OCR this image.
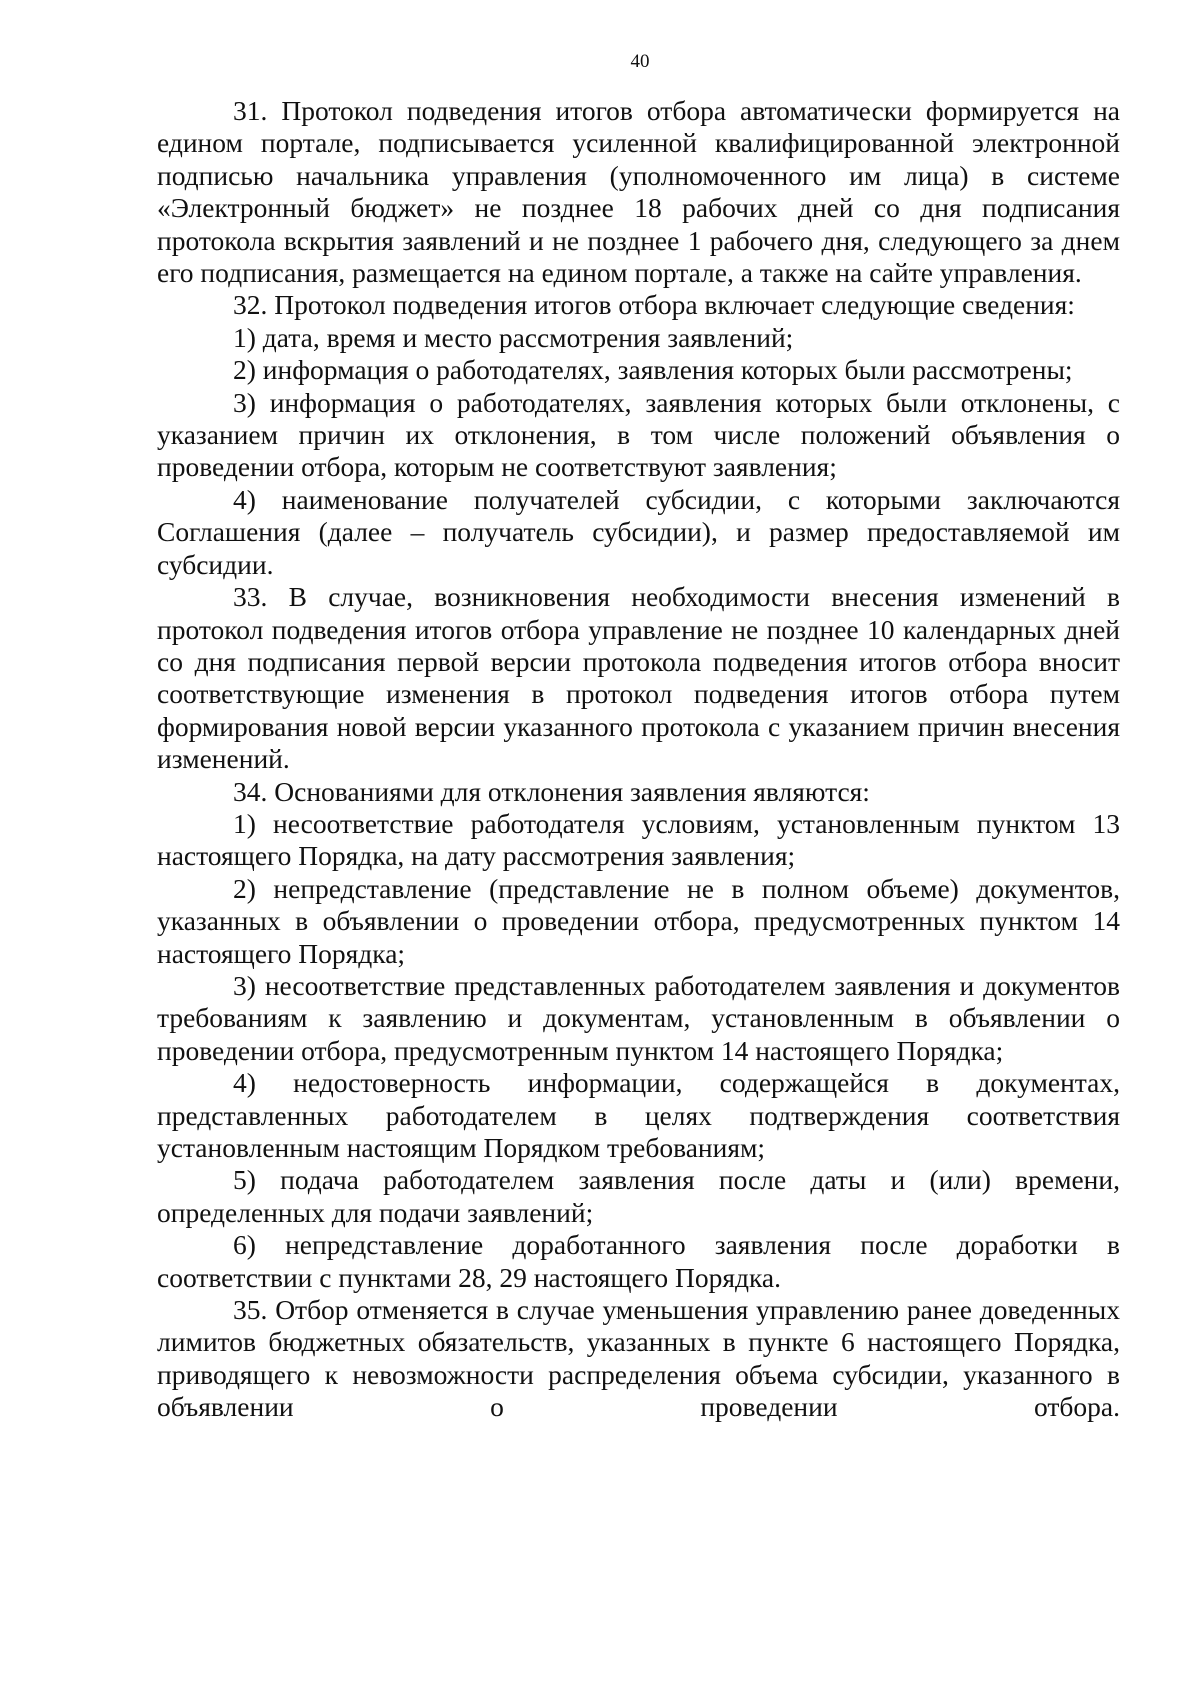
40

31. Протокол подведения итогов отбора автоматически формируется на едином портале, подписывается усиленной квалифицированной электронной подписью начальника управления (уполномоченного им лица) в системе «Электронный бюджет» не позднее 18 рабочих дней со дня подписания протокола вскрытия заявлений и не позднее 1 рабочего дня, следующего за днем его подписания, размещается на едином портале, а также на сайте управления.

32. Протокол подведения итогов отбора включает следующие сведения:

1) дата, время и место рассмотрения заявлений;

2) информация о работодателях, заявления которых были рассмотрены;

3) информация о работодателях, заявления которых были отклонены, с указанием причин их отклонения, в том числе положений объявления о проведении отбора, которым не соответствуют заявления;

4) наименование получателей субсидии, с которыми заключаются Соглашения (далее – получатель субсидии), и размер предоставляемой им субсидии.

33. В случае, возникновения необходимости внесения изменений в протокол подведения итогов отбора управление не позднее 10 календарных дней со дня подписания первой версии протокола подведения итогов отбора вносит соответствующие изменения в протокол подведения итогов отбора путем формирования новой версии указанного протокола с указанием причин внесения изменений.

34. Основаниями для отклонения заявления являются:

1) несоответствие работодателя условиям, установленным пунктом 13 настоящего Порядка, на дату рассмотрения заявления;

2) непредставление (представление не в полном объеме) документов, указанных в объявлении о проведении отбора, предусмотренных пунктом 14 настоящего Порядка;

3) несоответствие представленных работодателем заявления и документов требованиям к заявлению и документам, установленным в объявлении о проведении отбора, предусмотренным пунктом 14 настоящего Порядка;

4) недостоверность информации, содержащейся в документах, представленных работодателем в целях подтверждения соответствия установленным настоящим Порядком требованиям;

5) подача работодателем заявления после даты и (или) времени, определенных для подачи заявлений;

6) непредставление доработанного заявления после доработки в соответствии с пунктами 28, 29 настоящего Порядка.

35. Отбор отменяется в случае уменьшения управлению ранее доведенных лимитов бюджетных обязательств, указанных в пункте 6 настоящего Порядка, приводящего к невозможности распределения объема субсидии, указанного в объявлении о проведении отбора.
